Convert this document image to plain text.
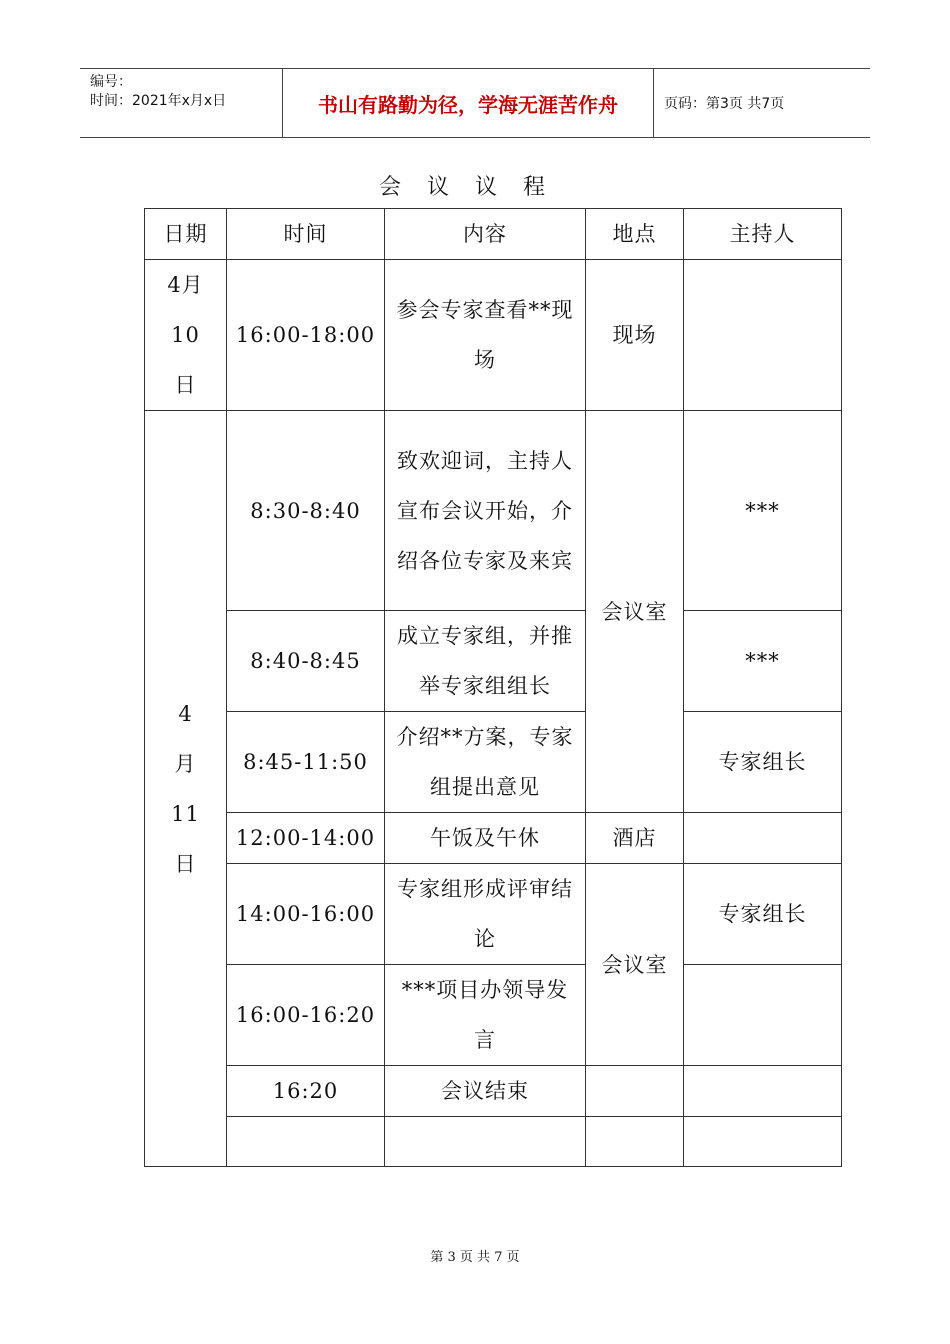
编号：
时间：2021年x月x日	书山有路勤为径，学海无涯苦作舟	页码：第3页 共7页
会议议程
日期	时间	内容	地点	主持人
4月10日	16:00-18:00	参会专家查看**现场	现场	
4月11日	8:30-8:40	致欢迎词，主持人宣布会议开始，介绍各位专家及来宾	会议室	***
	8:40-8:45	成立专家组，并推举专家组组长		***
	8:45-11:50	介绍**方案，专家组提出意见		专家组长
	12:00-14:00	午饭及午休	酒店	
	14:00-16:00	专家组形成评审结论	会议室	专家组长
	16:00-16:20	***项目办领导发言		
	16:20	会议结束		

第 3 页 共 7 页
